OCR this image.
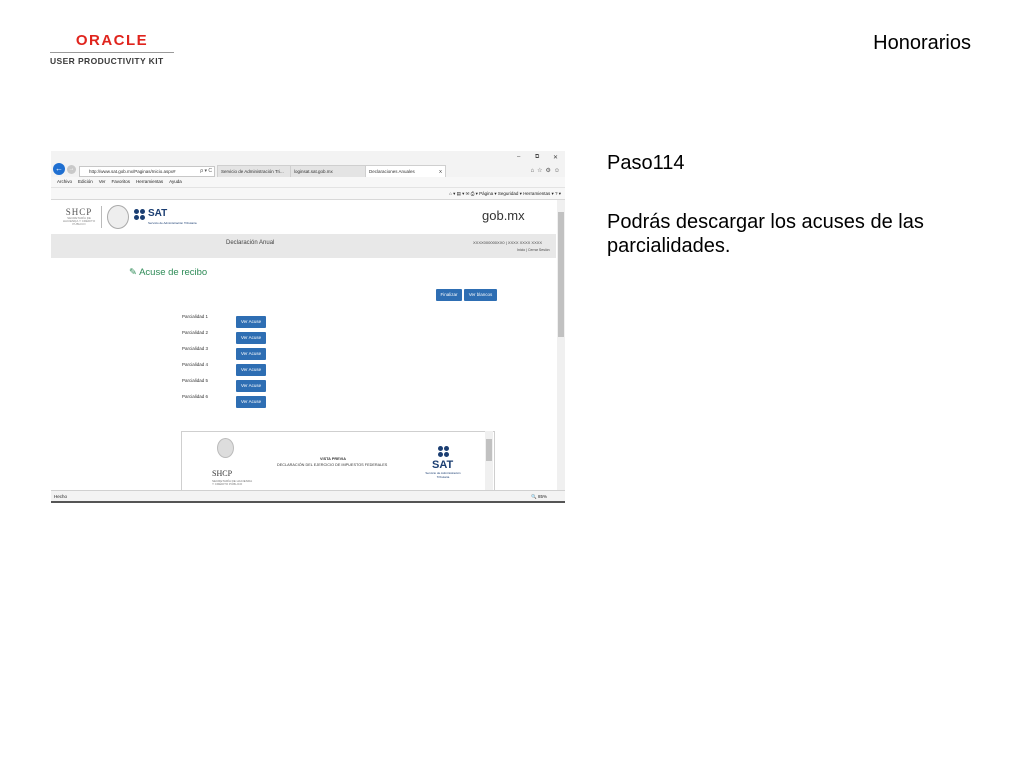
ORACLE
USER PRODUCTIVITY KIT
Honorarios
Paso114
Podrás descargar los acuses de las parcialidades.
– ⧉ ✕
← →	http://www.sat.gob.mx/Paginas/Inicio.aspx#	ρ ▾ C	Servicio de Administración Tri...	loginsat.sat.gob.mx	Declaraciones Anuales	X	⌂☆⚙☺
Archivo Edición Ver Favoritos Herramientas Ayuda
⌂ ▾ ▤ ▾ ✉ ⎙ ▾ Página ▾ Seguridad ▾ Herramientas ▾ ? ▾
SHCP
SECRETARÍA DE HACIENDA Y CRÉDITO PÚBLICO
SAT
Servicio de Administración Tributaria	gob.mx
Declaración Anual	XXXX000000XX0 | XXXX XXXX XXXX
Inicio | Cerrar Sesión
✎ Acuse de recibo
Finalizar	Ver blancos
Parcialidad 1
Ver Acuse
Parcialidad 2
Ver Acuse
Parcialidad 3
Ver Acuse
Parcialidad 4
Ver Acuse
Parcialidad 5
Ver Acuse
Parcialidad 6
Ver Acuse
SHCP
SECRETARÍA DE HACIENDA Y CRÉDITO PÚBLICO
VISTA PREVIA
DECLARACIÓN DEL EJERCICIO DE IMPUESTOS FEDERALES	SAT
Servicio de Administración Tributaria
Hecho	🔍 85%
